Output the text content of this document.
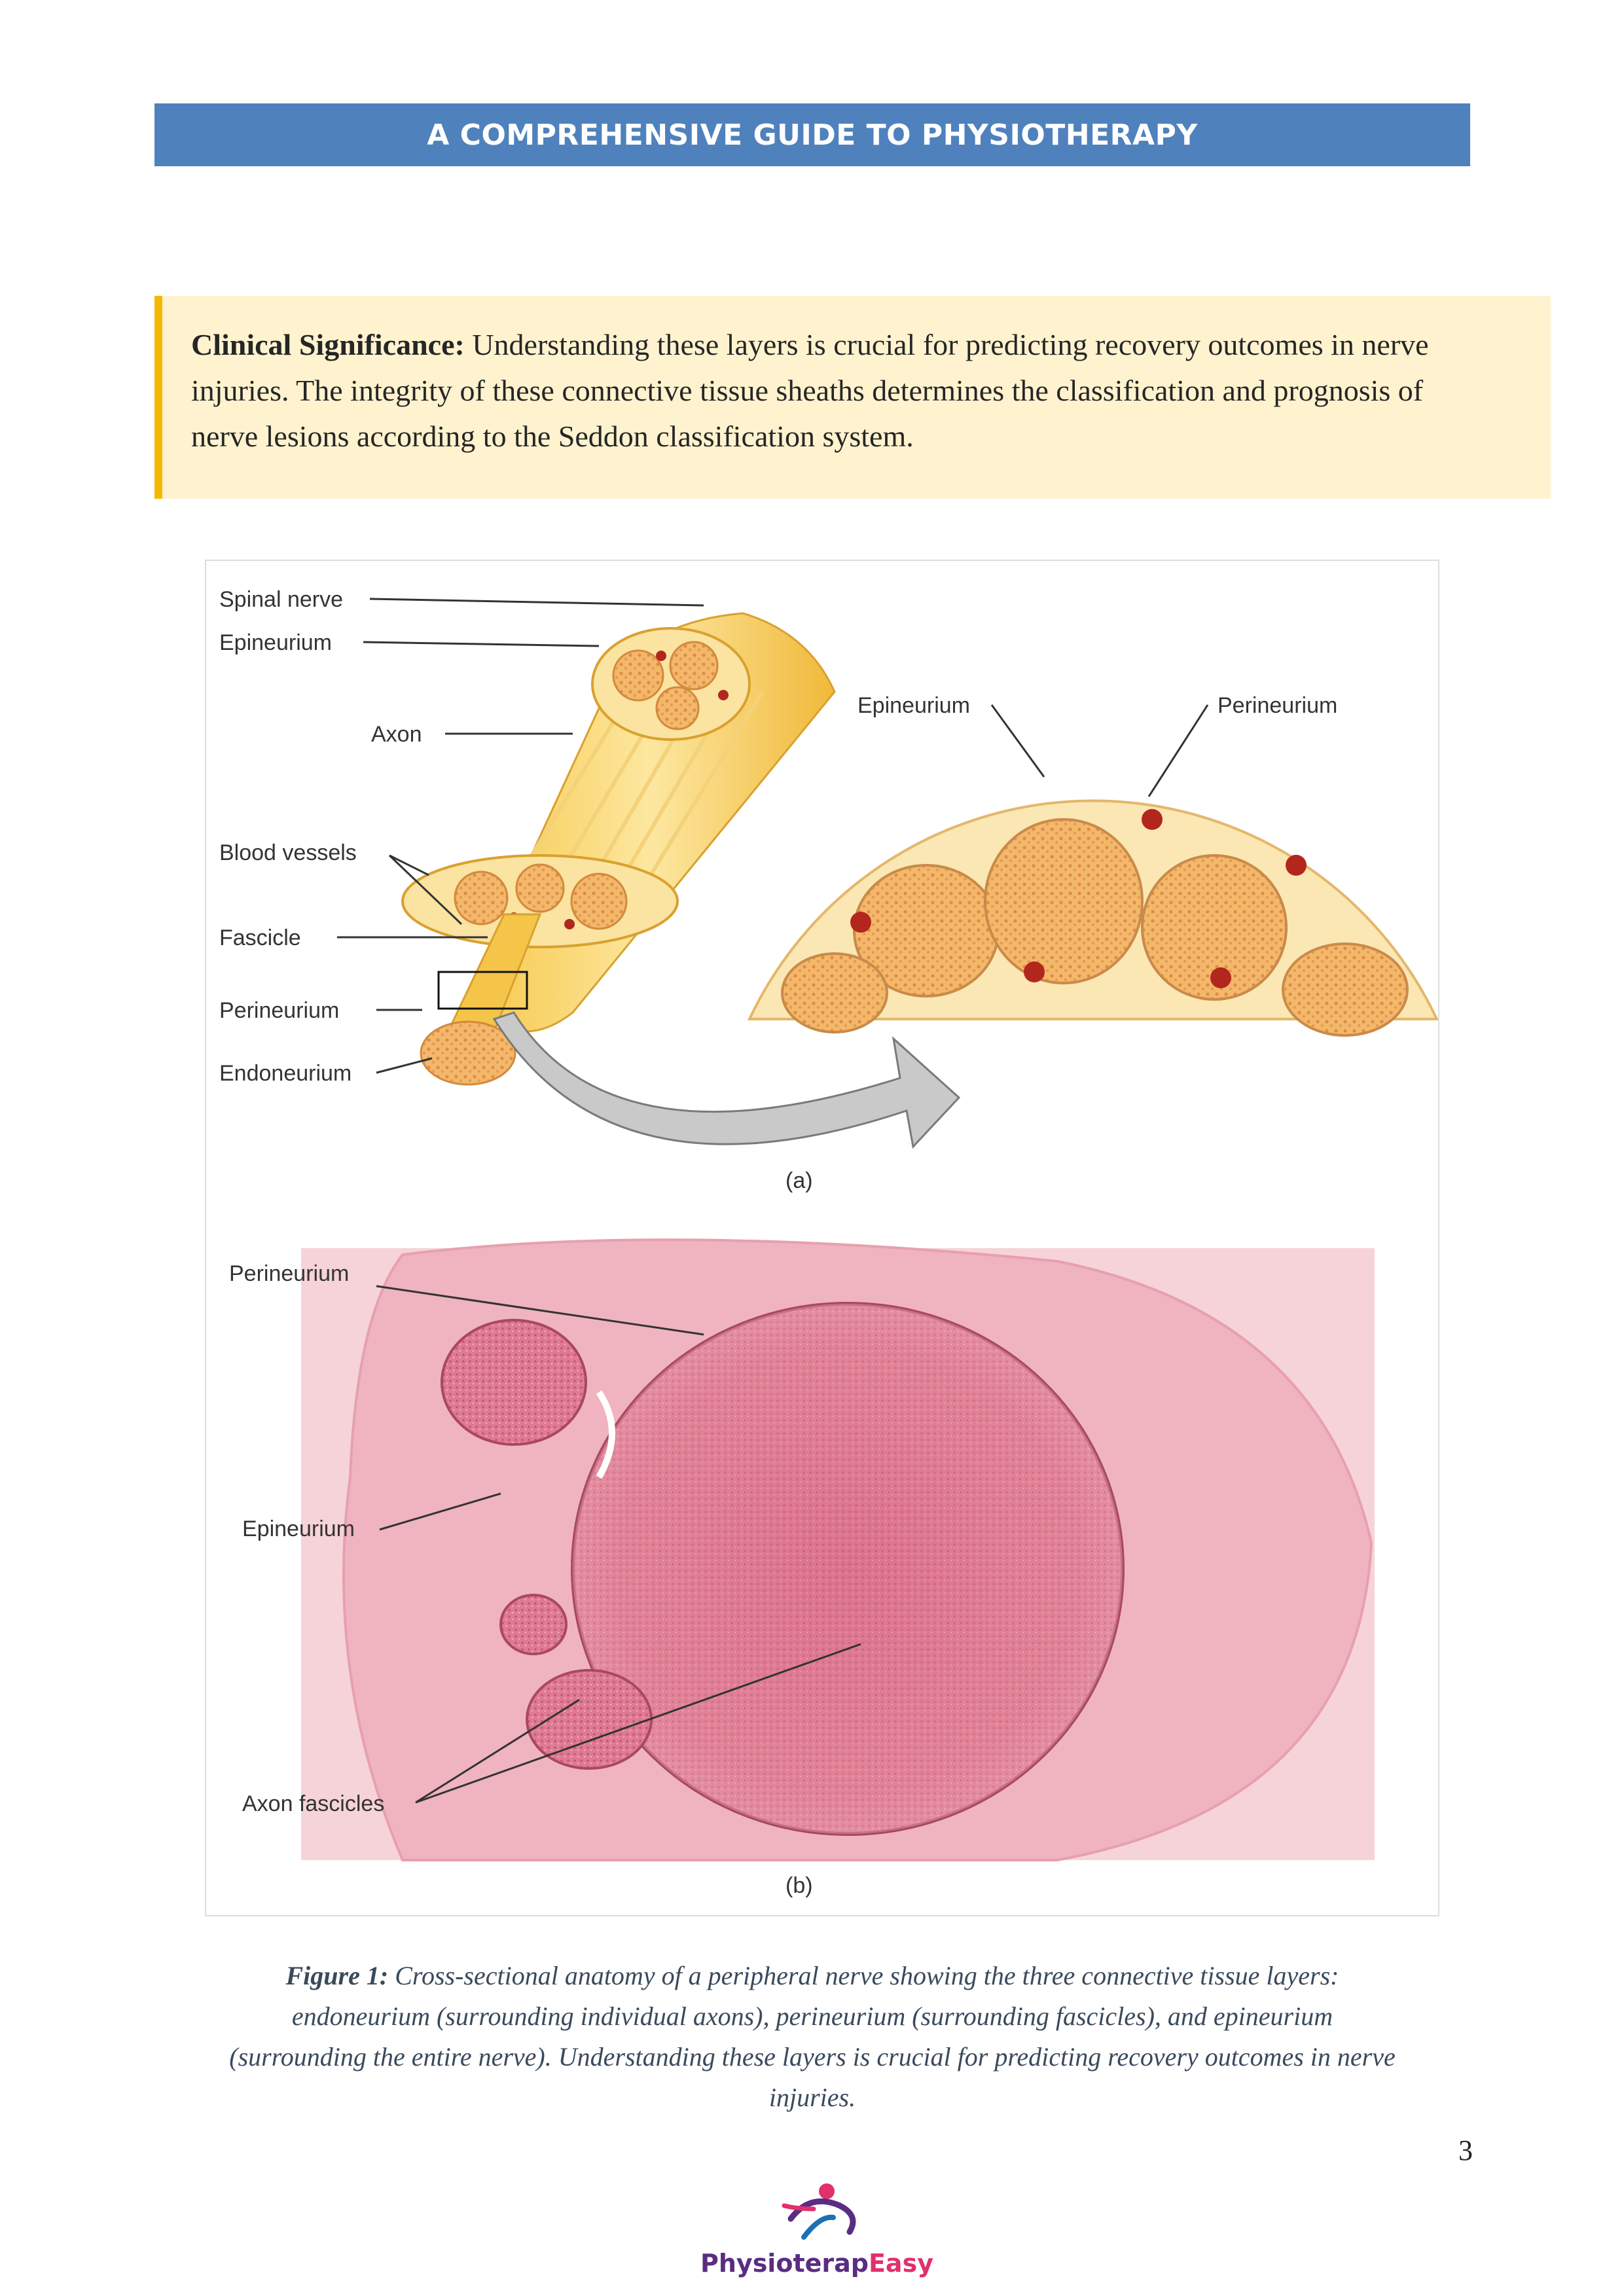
A COMPREHENSIVE GUIDE TO PHYSIOTHERAPY
Clinical Significance: Understanding these layers is crucial for predicting recovery outcomes in nerve
injuries. The integrity of these connective tissue sheaths determines the classification and prognosis of
nerve lesions according to the Seddon classification system.
Spinal nerve
Epineurium
Axon
Blood vessels
Fascicle
Perineurium
Endoneurium
Epineurium	Perineurium
(a)
Perineurium
Epineurium
Axon fascicles
(b)
Figure 1: Cross-sectional anatomy of a peripheral nerve showing the three connective tissue layers:
endoneurium (surrounding individual axons), perineurium (surrounding fascicles), and epineurium
(surrounding the entire nerve). Understanding these layers is crucial for predicting recovery outcomes in nerve
injuries.
3
PhysioterapEasy
